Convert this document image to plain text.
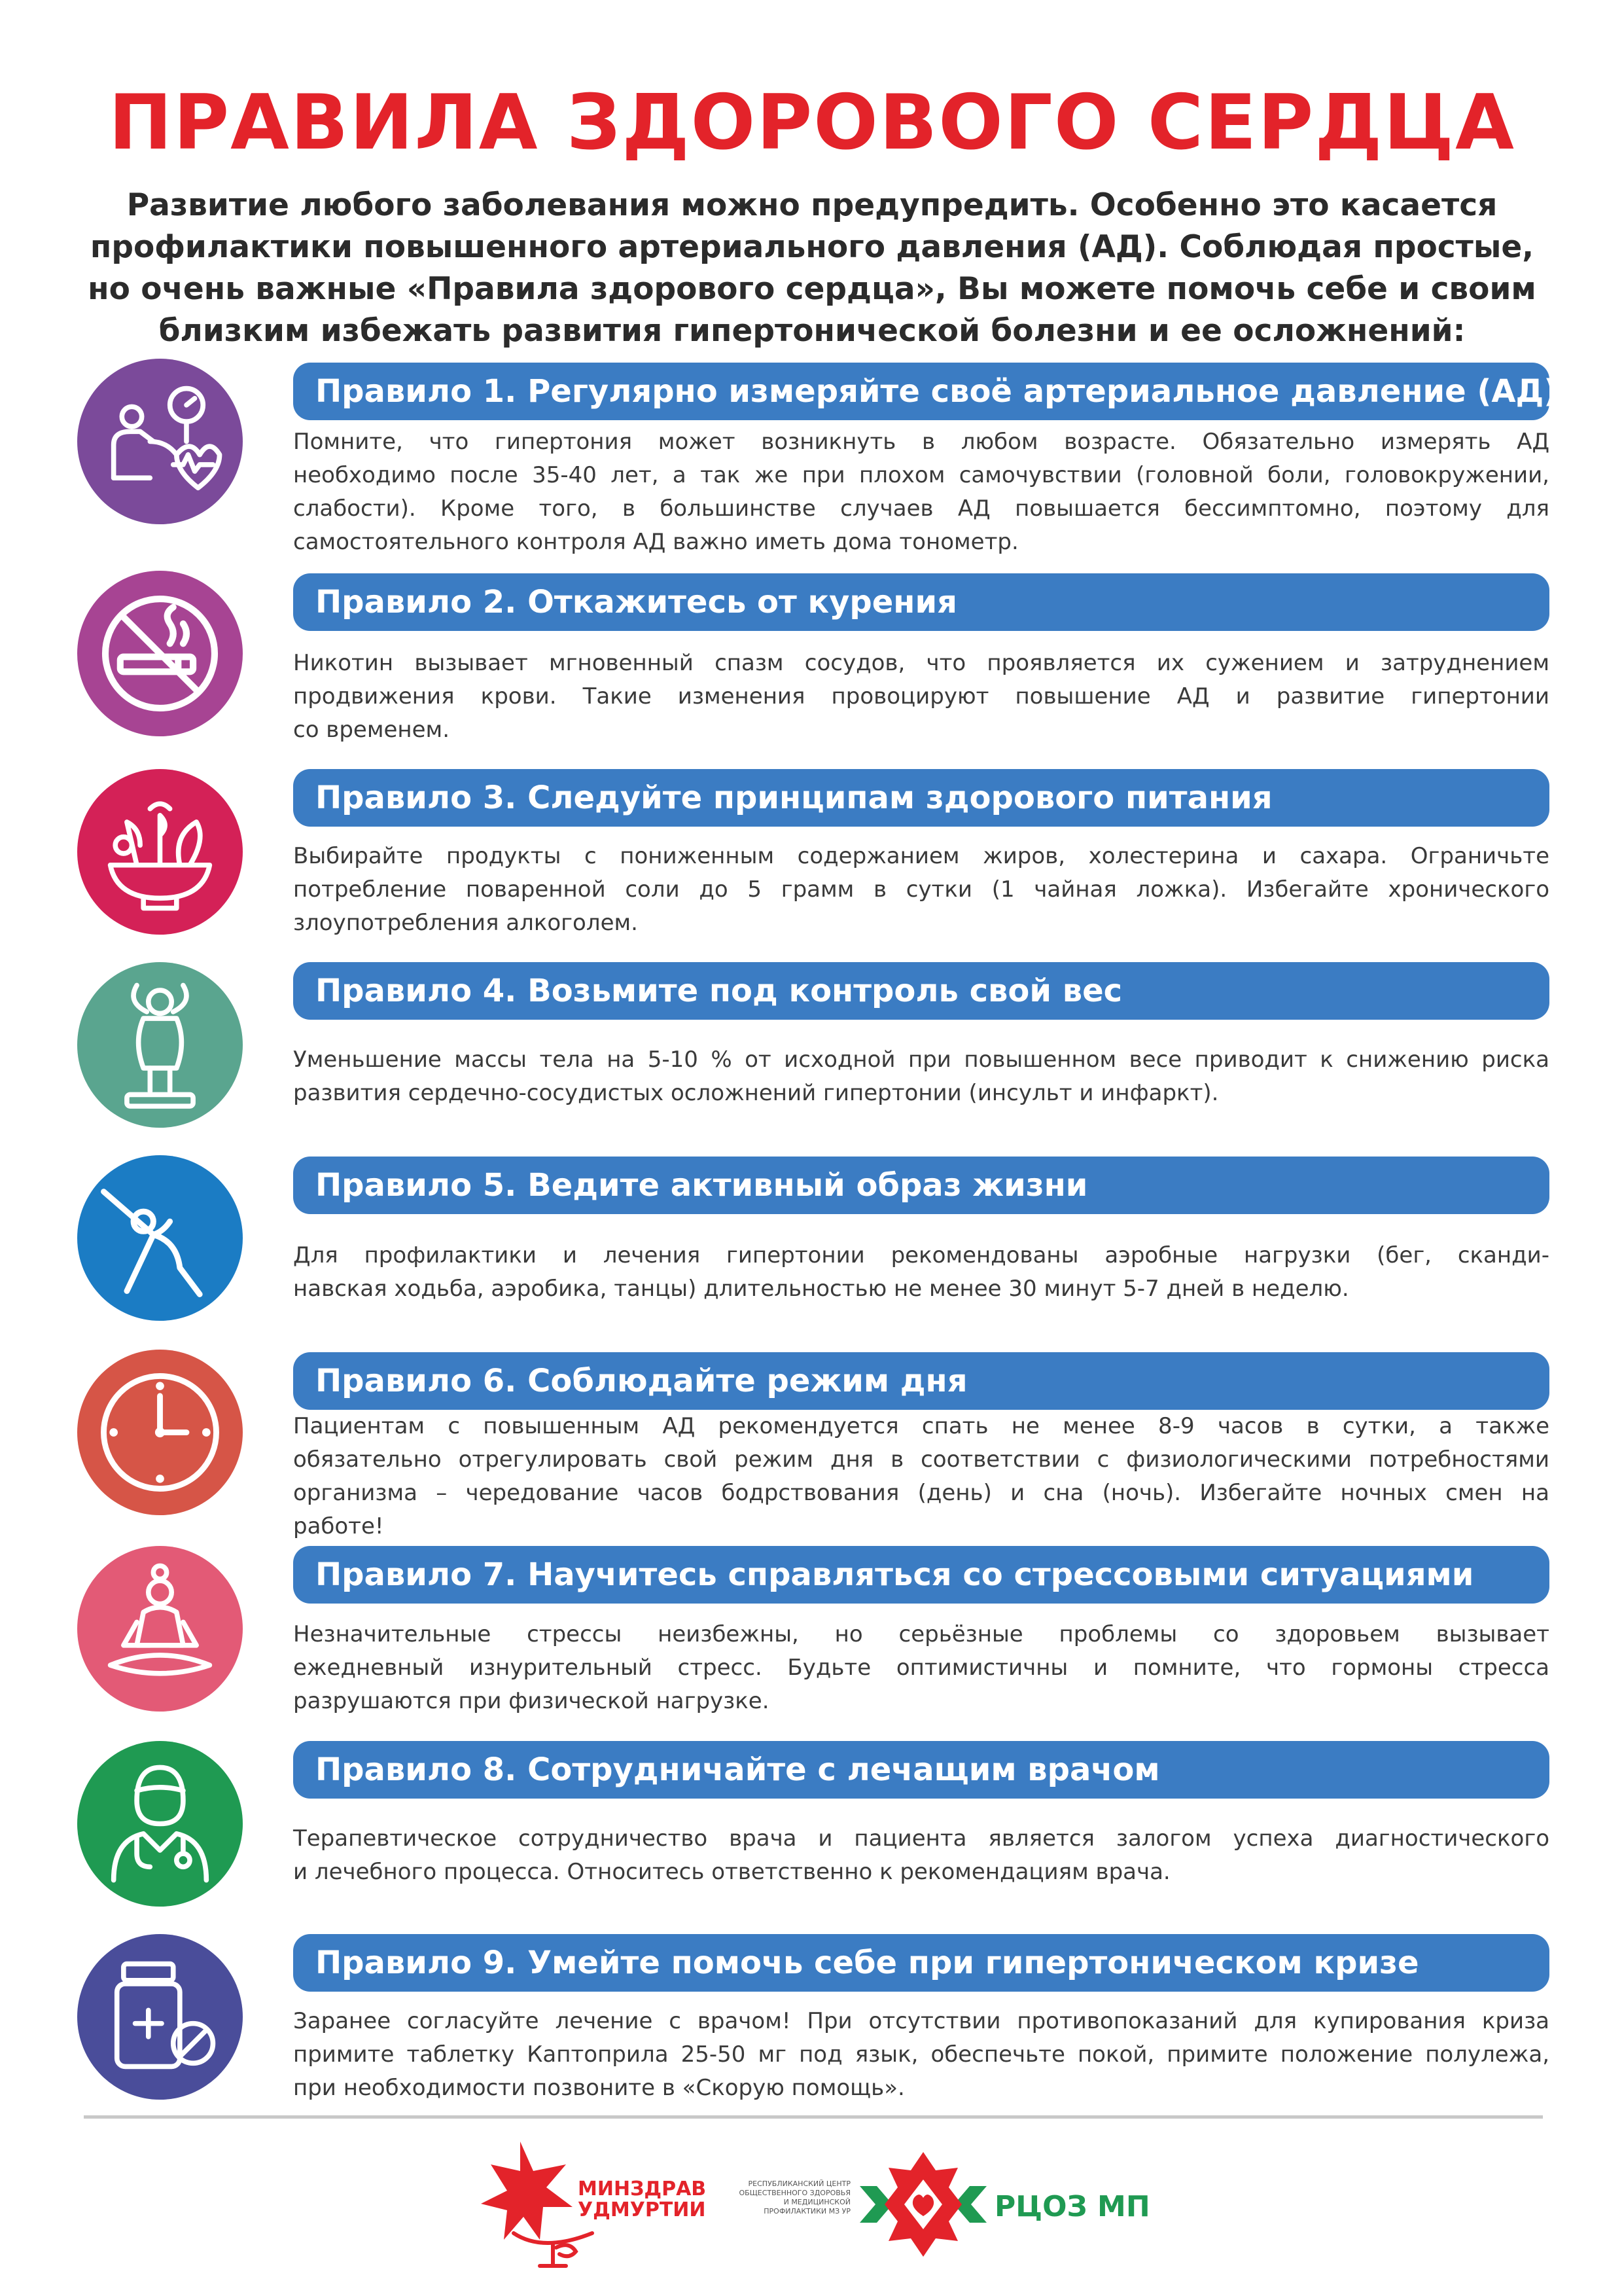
ПРАВИЛА ЗДОРОВОГО СЕРДЦА
Развитие любого заболевания можно предупредить. Особенно это касается
профилактики повышенного артериального давления (АД). Соблюдая простые,
но очень важные «Правила здорового сердца», Вы можете помочь себе и своим
близким избежать развития гипертонической болезни и ее осложнений:
Правило 1. Регулярно измеряйте своё артериальное давление (АД)
Помните, что гипертония может возникнуть в любом возрасте. Обязательно измерять АД
необходимо после 35-40 лет, а так же при плохом самочувствии (головной боли, головокружении,
слабости). Кроме того, в большинстве случаев АД повышается бессимптомно, поэтому для
самостоятельного контроля АД важно иметь дома тонометр.
Правило 2. Откажитесь от курения
Никотин вызывает мгновенный спазм сосудов, что проявляется их сужением и затруднением
продвижения крови. Такие изменения провоцируют повышение АД и развитие гипертонии
со временем.
Правило 3. Следуйте принципам здорового питания
Выбирайте продукты с пониженным содержанием жиров, холестерина и сахара. Ограничьте
потребление поваренной соли до 5 грамм в сутки (1 чайная ложка). Избегайте хронического
злоупотребления алкоголем.
Правило 4. Возьмите под контроль свой вес
Уменьшение массы тела на 5-10 % от исходной при повышенном весе приводит к снижению риска
развития сердечно-сосудистых осложнений гипертонии (инсульт и инфаркт).
Правило 5. Ведите активный образ жизни
Для профилактики и лечения гипертонии рекомендованы аэробные нагрузки (бег, сканди-
навская ходьба, аэробика, танцы) длительностью не менее 30 минут 5-7 дней в неделю.
Правило 6. Соблюдайте режим дня
Пациентам с повышенным АД рекомендуется спать не менее 8-9 часов в сутки, а также
обязательно отрегулировать свой режим дня в соответствии с физиологическими потребностями
организма – чередование часов бодрствования (день) и сна (ночь). Избегайте ночных смен на
работе!
Правило 7. Научитесь справляться со стрессовыми ситуациями
Незначительные стрессы неизбежны, но серьёзные проблемы со здоровьем вызывает
ежедневный изнурительный стресс. Будьте оптимистичны и помните, что гормоны стресса
разрушаются при физической нагрузке.
Правило 8. Сотрудничайте с лечащим врачом
Терапевтическое сотрудничество врача и пациента является залогом успеха диагностического
и лечебного процесса. Относитесь ответственно к рекомендациям врача.
Правило 9. Умейте помочь себе при гипертоническом кризе
Заранее согласуйте лечение с врачом! При отсутствии противопоказаний для купирования криза
примите таблетку Каптоприла 25-50 мг под язык, обеспечьте покой, примите положение полулежа,
при необходимости позвоните в «Скорую помощь».
МИНЗДРАВ
УДМУРТИИ
РЕСПУБЛИКАНСКИЙ ЦЕНТР
ОБЩЕСТВЕННОГО ЗДОРОВЬЯ
И МЕДИЦИНСКОЙ
ПРОФИЛАКТИКИ МЗ УР	РЦОЗ МП
